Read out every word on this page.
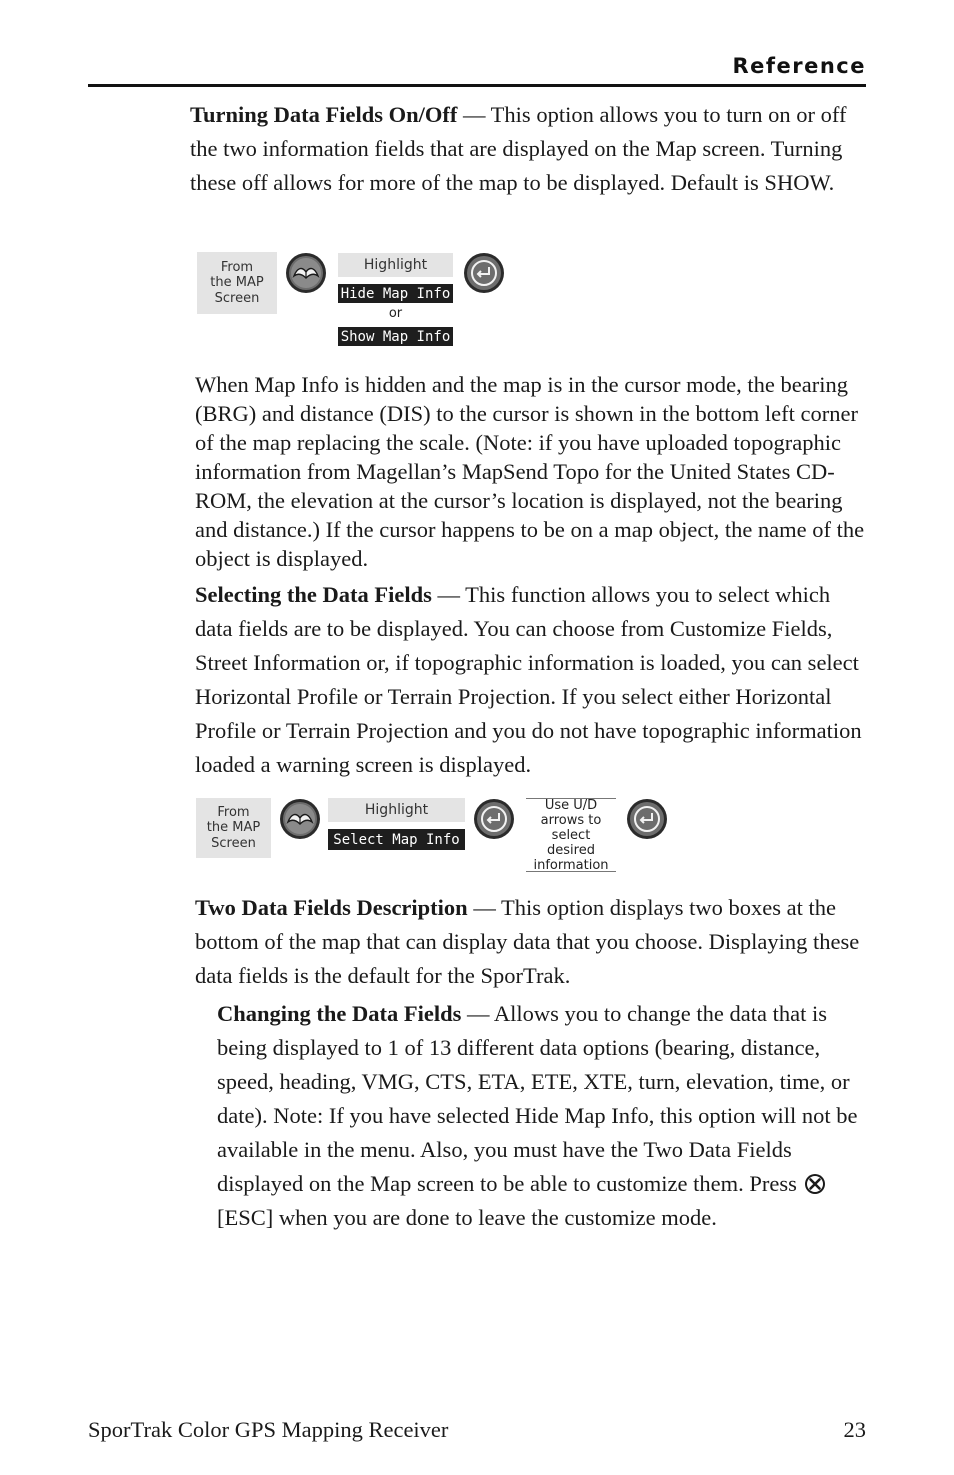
Reference

Turning Data Fields On/Off — This option allows you to turn on or off the two information fields that are displayed on the Map screen. Turning these off allows for more of the map to be displayed. Default is SHOW.

From
the MAP
Screen
Highlight
Hide Map Info
or
Show Map Info

When Map Info is hidden and the map is in the cursor mode, the bearing (BRG) and distance (DIS) to the cursor is shown in the bottom left corner of the map replacing the scale. (Note: if you have uploaded topographic information from Magellan’s MapSend Topo for the United States CD-ROM, the elevation at the cursor’s location is displayed, not the bearing and distance.) If the cursor happens to be on a map object, the name of the object is displayed.

Selecting the Data Fields — This function allows you to select which data fields are to be displayed. You can choose from Customize Fields, Street Information or, if topographic information is loaded, you can select Horizontal Profile or Terrain Projection. If you select either Horizontal Profile or Terrain Projection and you do not have topographic information loaded a warning screen is displayed.

From
the MAP
Screen
Highlight
Select Map Info
Use U/D
arrows to
select desired
information

Two Data Fields Description — This option displays two boxes at the bottom of the map that can display data that you choose. Displaying these data fields is the default for the SporTrak.

Changing the Data Fields — Allows you to change the data that is being displayed to 1 of 13 different data options (bearing, distance, speed, heading, VMG, CTS, ETA, ETE, XTE, turn, elevation, time, or date). Note: If you have selected Hide Map Info, this option will not be available in the menu. Also, you must have the Two Data Fields displayed on the Map screen to be able to customize them. Press  [ESC] when you are done to leave the customize mode.

SporTrak Color GPS Mapping Receiver	23
